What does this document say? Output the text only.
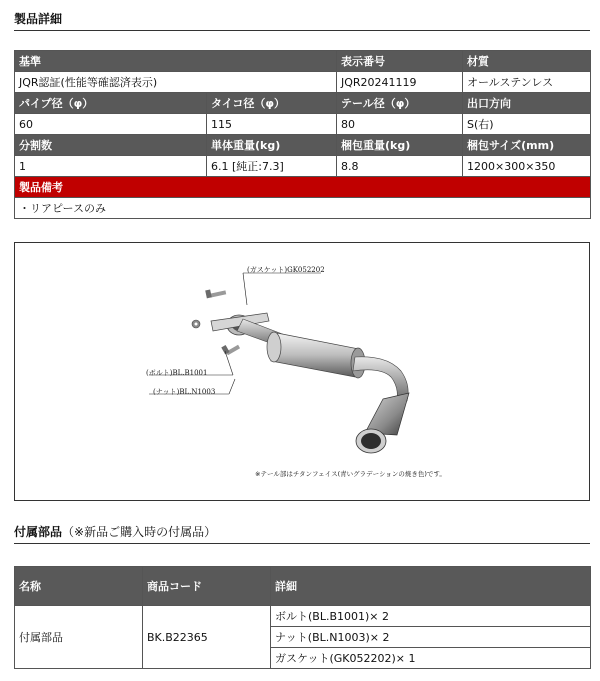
製品詳細
基準		表示番号	材質
JQR認証(性能等確認済表示)		JQR20241119	オールステンレス
パイプ径（φ）	タイコ径（φ）	テール径（φ）	出口方向
60	115	80	S(右)
分割数	単体重量(kg)	梱包重量(kg)	梱包サイズ(mm)
1	6.1 [純正:7.3]	8.8	1200×300×350
製品備考			
・リアピースのみ			
(ガスケット)GK052202
(ボルト)BL.B1001
(ナット)BL.N1003
※テール部はチタンフェイス(青いグラデーションの焼き色)です。
付属部品（※新品ご購入時の付属品）
名称	商品コード	詳細
付属部品	BK.B22365	ボルト(BL.B1001)× 2
		ナット(BL.N1003)× 2
		ガスケット(GK052202)× 1
